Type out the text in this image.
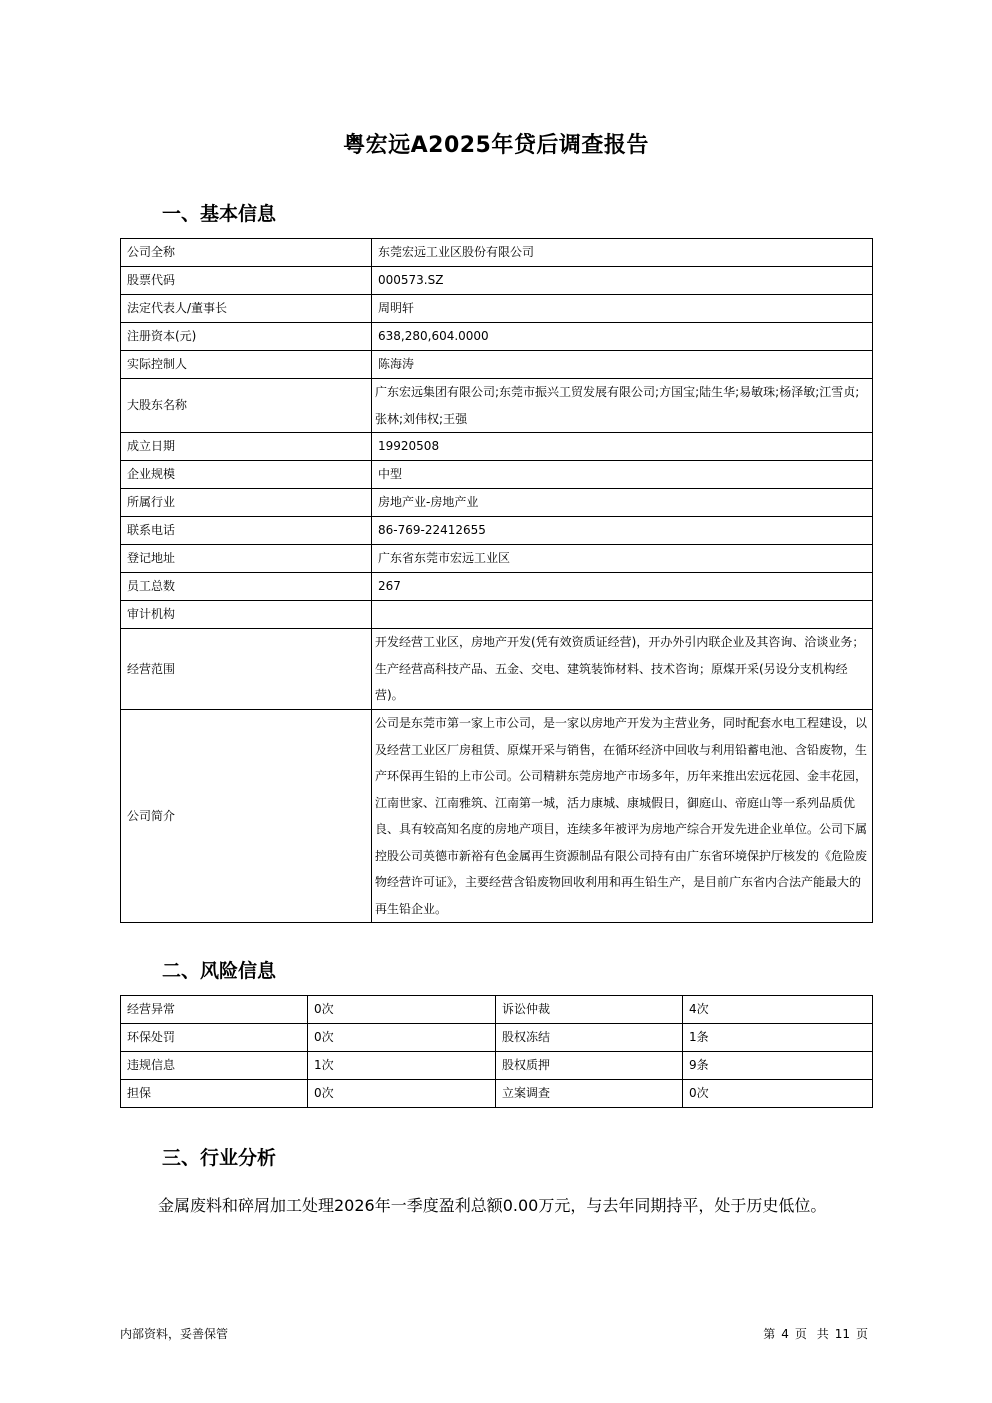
粤宏远A2025年贷后调查报告
一、基本信息
公司全称	东莞宏远工业区股份有限公司
股票代码	000573.SZ
法定代表人/董事长	周明轩
注册资本(元)	638,280,604.0000
实际控制人	陈海涛
大股东名称	广东宏远集团有限公司;东莞市振兴工贸发展有限公司;方国宝;陆生华;易敏珠;杨泽敏;江雪贞;张林;刘伟权;王强
成立日期	19920508
企业规模	中型
所属行业	房地产业-房地产业
联系电话	86-769-22412655
登记地址	广东省东莞市宏远工业区
员工总数	267
审计机构	
经营范围	开发经营工业区，房地产开发(凭有效资质证经营)，开办外引内联企业及其咨询、洽谈业务；生产经营高科技产品、五金、交电、建筑装饰材料、技术咨询；原煤开采(另设分支机构经营)。
公司简介	公司是东莞市第一家上市公司，是一家以房地产开发为主营业务，同时配套水电工程建设，以及经营工业区厂房租赁、原煤开采与销售，在循环经济中回收与利用铅蓄电池、含铅废物，生产环保再生铅的上市公司。公司精耕东莞房地产市场多年，历年来推出宏远花园、金丰花园，江南世家、江南雅筑、江南第一城，活力康城、康城假日，御庭山、帝庭山等一系列品质优良、具有较高知名度的房地产项目，连续多年被评为房地产综合开发先进企业单位。公司下属控股公司英德市新裕有色金属再生资源制品有限公司持有由广东省环境保护厅核发的《危险废物经营许可证》，主要经营含铅废物回收利用和再生铅生产，是目前广东省内合法产能最大的再生铅企业。
二、风险信息
经营异常	0次	诉讼仲裁	4次
环保处罚	0次	股权冻结	1条
违规信息	1次	股权质押	9条
担保	0次	立案调查	0次
三、行业分析
金属废料和碎屑加工处理2026年一季度盈利总额0.00万元，与去年同期持平，处于历史低位。
内部资料，妥善保管	第 4 页 共 11 页
